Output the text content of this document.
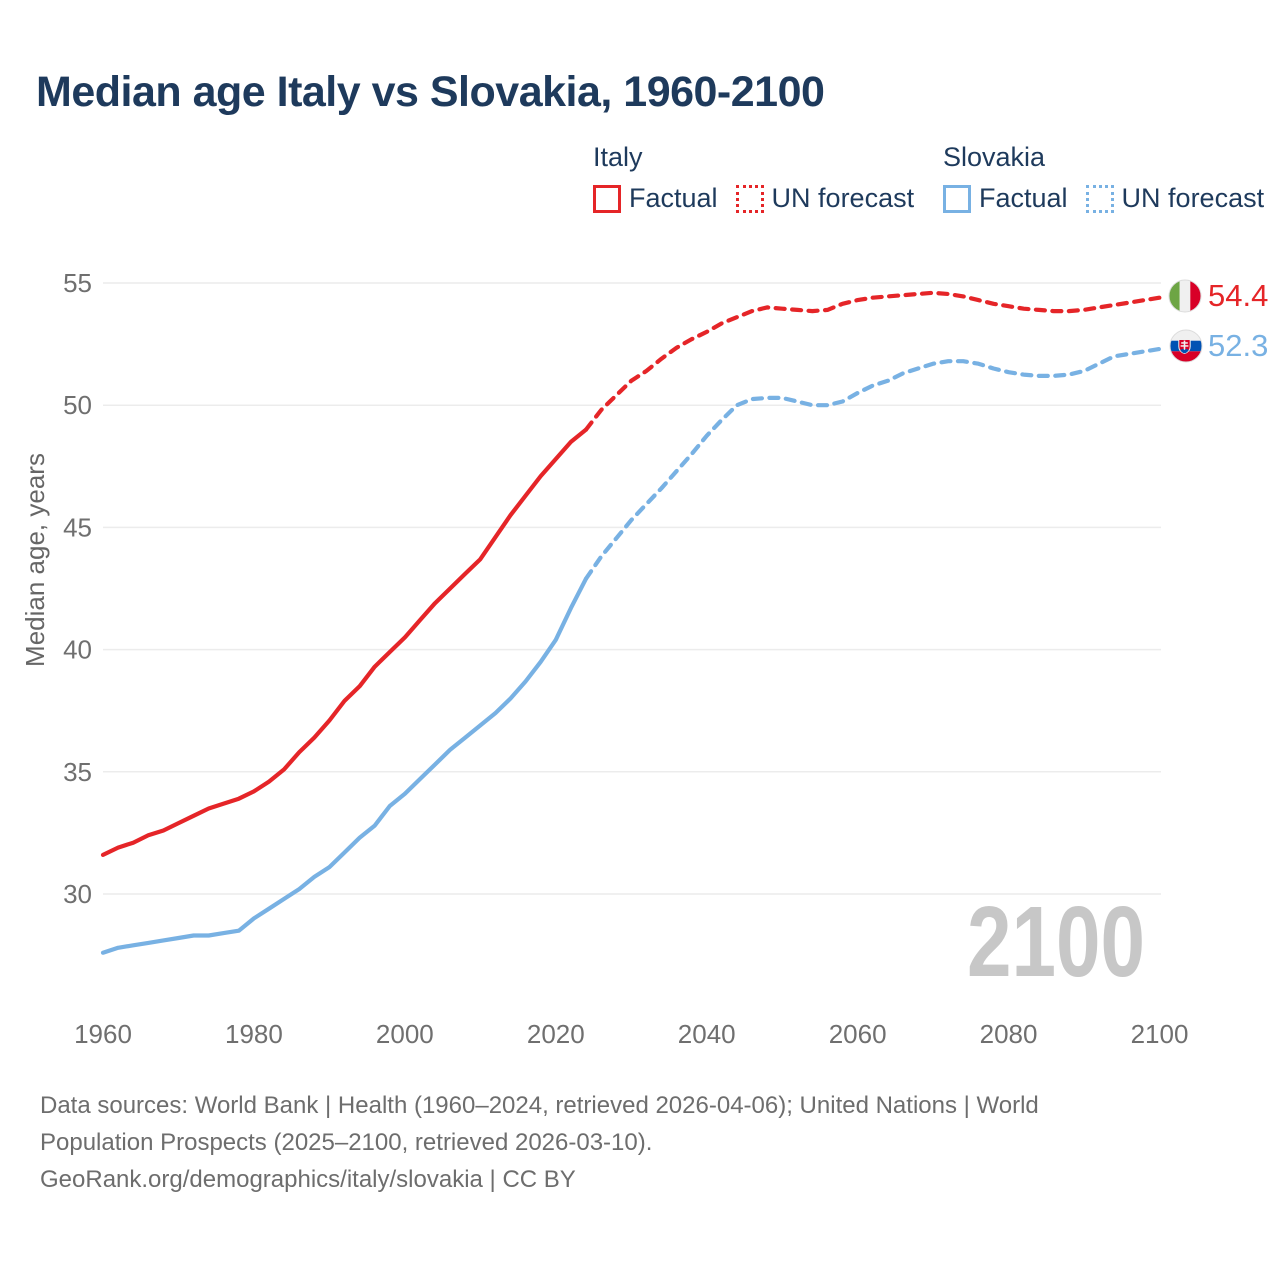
30
35
40
45
50
55
1960	1980	2000	2020	2040	2060	2080	2100
Median age, years
2100
54.4
52.3
Median age Italy vs Slovakia, 1960-2100
Italy
Factual UN forecast
Slovakia
Factual UN forecast

Data sources: World Bank | Health (1960–2024, retrieved 2026-04-06); United Nations | World Population Prospects (2025–2100, retrieved 2026-03-10).

GeoRank.org/demographics/italy/slovakia | CC BY
